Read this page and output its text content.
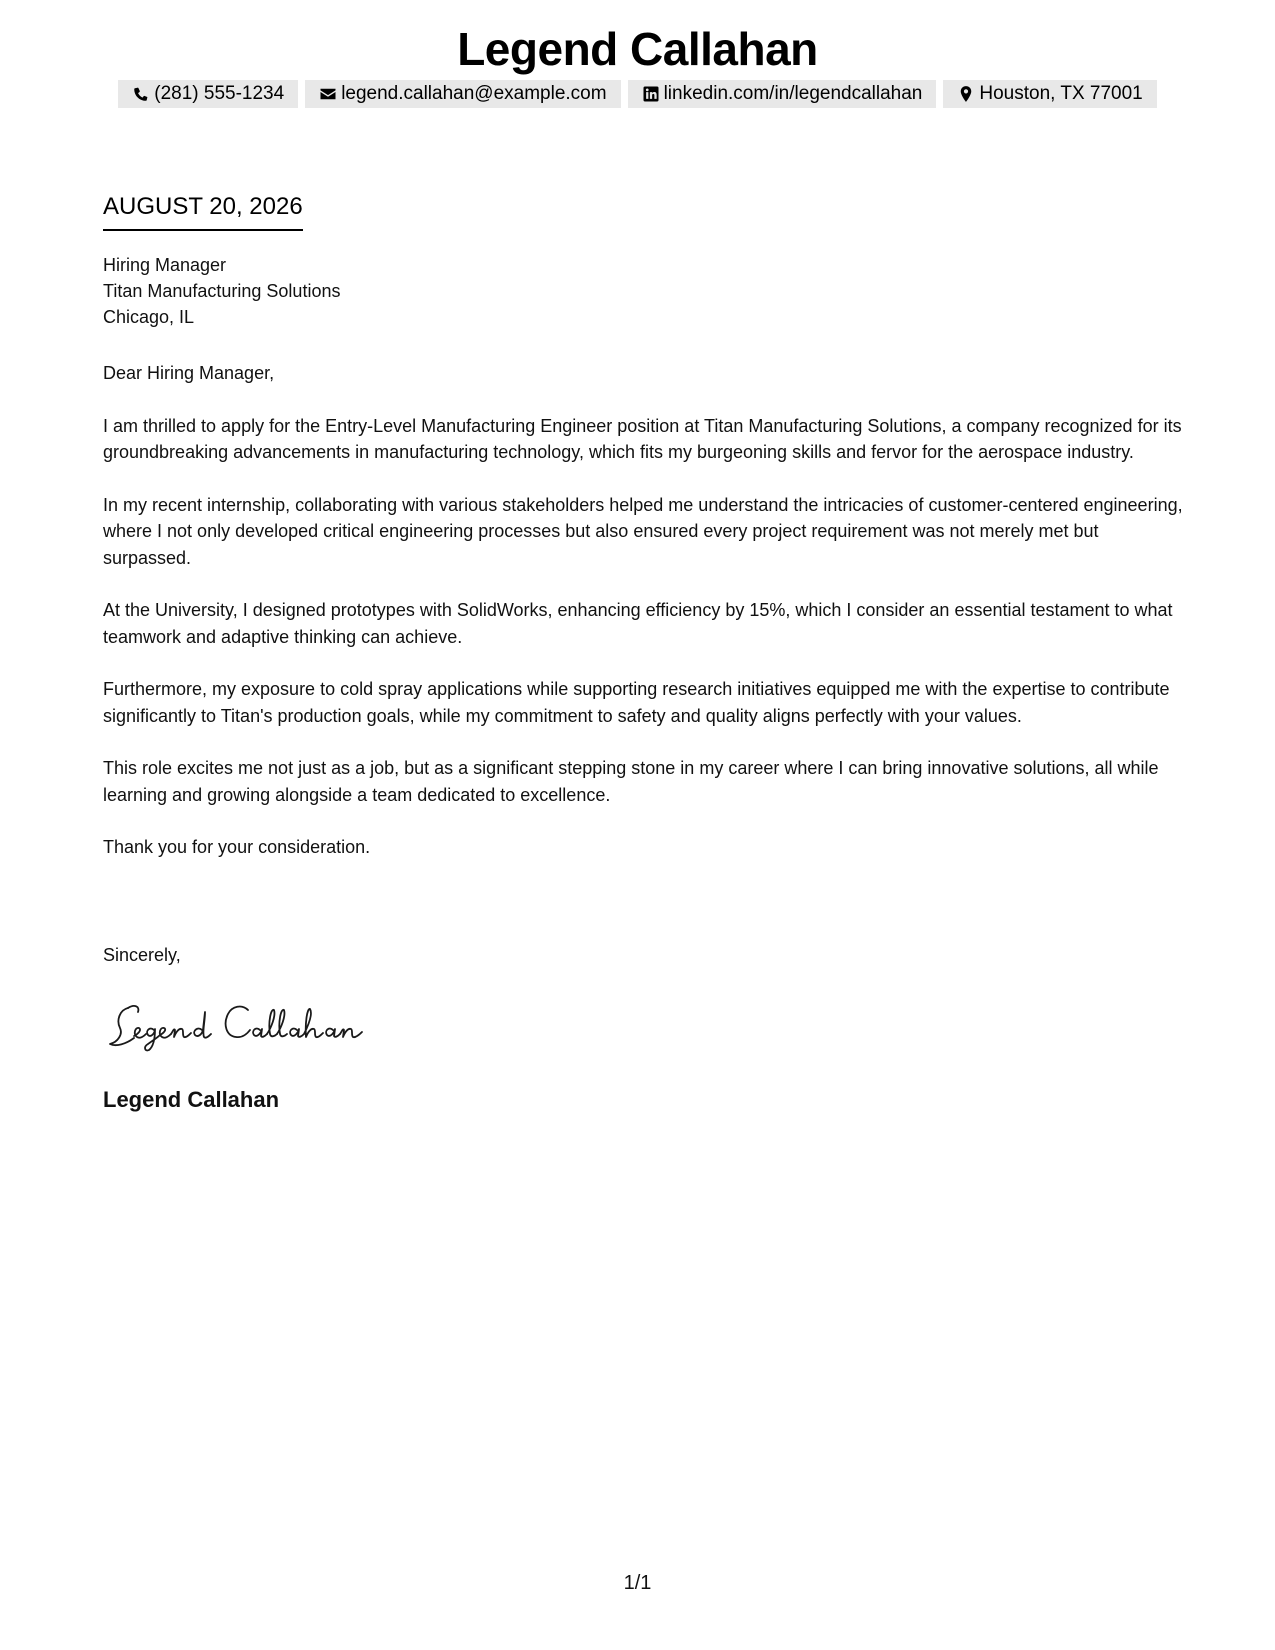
Legend Callahan
(281) 555-1234	legend.callahan@example.com	linkedin.com/in/legendcallahan	Houston, TX 77001
AUGUST 20, 2026
Hiring Manager
Titan Manufacturing Solutions
Chicago, IL

Dear Hiring Manager,

I am thrilled to apply for the Entry-Level Manufacturing Engineer position at Titan Manufacturing Solutions, a company recognized for its groundbreaking advancements in manufacturing technology, which fits my burgeoning skills and fervor for the aerospace industry.

In my recent internship, collaborating with various stakeholders helped me understand the intricacies of customer-centered engineering, where I not only developed critical engineering processes but also ensured every project requirement was not merely met but surpassed.

At the University, I designed prototypes with SolidWorks, enhancing efficiency by 15%, which I consider an essential testament to what teamwork and adaptive thinking can achieve.

Furthermore, my exposure to cold spray applications while supporting research initiatives equipped me with the expertise to contribute significantly to Titan's production goals, while my commitment to safety and quality aligns perfectly with your values.

This role excites me not just as a job, but as a significant stepping stone in my career where I can bring innovative solutions, all while learning and growing alongside a team dedicated to excellence.

Thank you for your consideration.

Sincerely,
Legend Callahan
1/1
